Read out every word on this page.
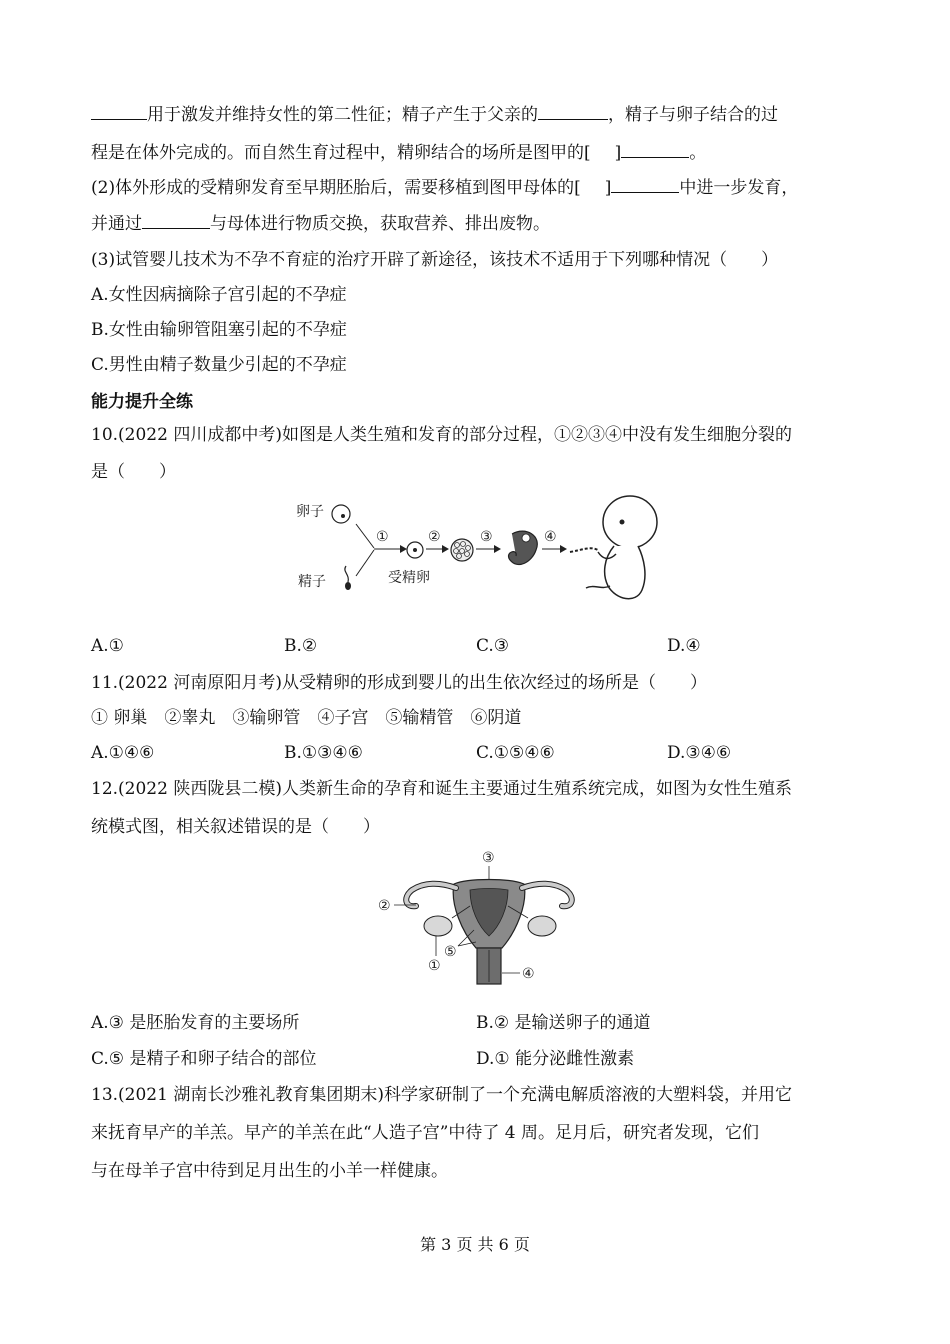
用于激发并维持女性的第二性征；精子产生于父亲的	，精子与卵子结合的过
程是在体外完成的。而自然生育过程中，精卵结合的场所是图甲的[ ]	。
(2)体外形成的受精卵发育至早期胚胎后，需要移植到图甲母体的[ ]	中进一步发育，
并通过	与母体进行物质交换，获取营养、排出废物。
(3)试管婴儿技术为不孕不育症的治疗开辟了新途径，该技术不适用于下列哪种情况（　　）
A.女性因病摘除子宫引起的不孕症
B.女性由输卵管阻塞引起的不孕症
C.男性由精子数量少引起的不孕症
能力提升全练
10.(2022 四川成都中考)如图是人类生殖和发育的部分过程，①②③④中没有发生细胞分裂的
是（　　）
卵子
精子
①
受精卵
②	③	④
A.①	B.②	C.③	D.④
11.(2022 河南原阳月考)从受精卵的形成到婴儿的出生依次经过的场所是（　　）
① 卵巢　②睾丸　③输卵管　④子宫　⑤输精管　⑥阴道
A.①④⑥	B.①③④⑥	C.①⑤④⑥	D.③④⑥
12.(2022 陕西陇县二模)人类新生命的孕育和诞生主要通过生殖系统完成，如图为女性生殖系
统模式图，相关叙述错误的是（　　）
③
②
⑤
①	④
A.③ 是胚胎发育的主要场所	B.② 是输送卵子的通道
C.⑤ 是精子和卵子结合的部位	D.① 能分泌雌性激素
13.(2021 湖南长沙雅礼教育集团期末)科学家研制了一个充满电解质溶液的大塑料袋，并用它
来抚育早产的羊羔。早产的羊羔在此“人造子宫”中待了 4 周。足月后，研究者发现，它们
与在母羊子宫中待到足月出生的小羊一样健康。
第 3 页 共 6 页
